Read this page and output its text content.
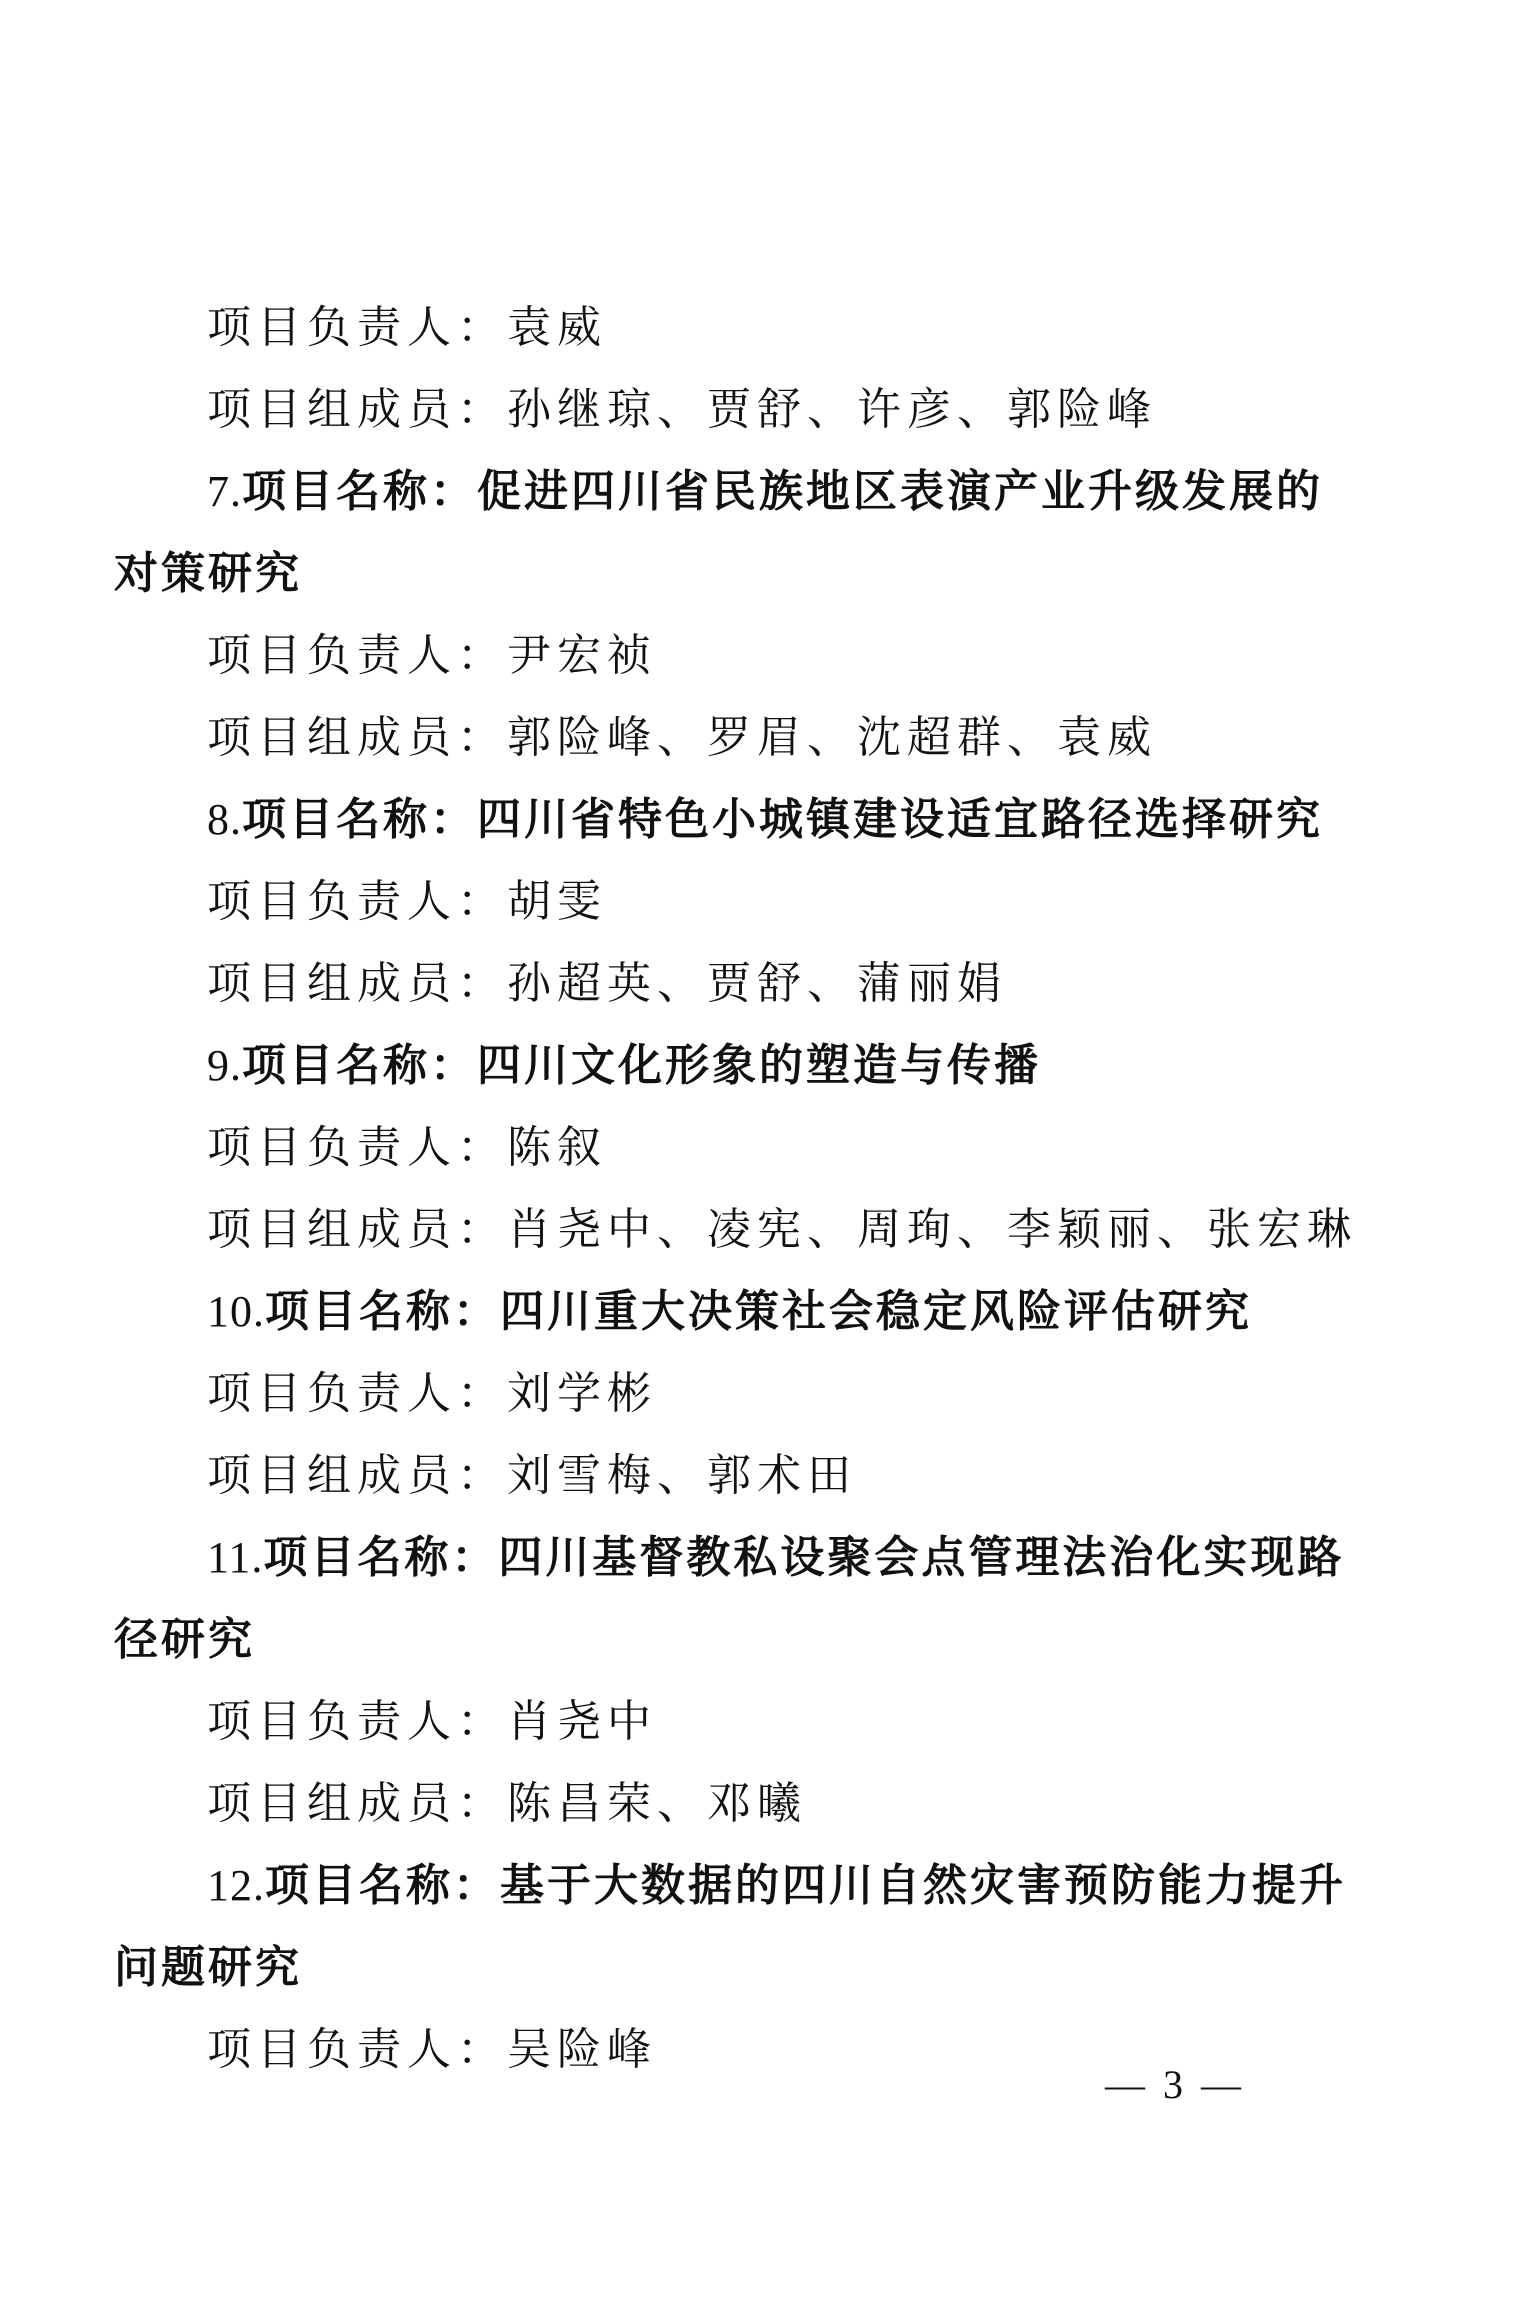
项目负责人：袁威
项目组成员：孙继琼、贾舒、许彦、郭险峰
7.项目名称：促进四川省民族地区表演产业升级发展的
对策研究
项目负责人：尹宏祯
项目组成员：郭险峰、罗眉、沈超群、袁威
8.项目名称：四川省特色小城镇建设适宜路径选择研究
项目负责人：胡雯
项目组成员：孙超英、贾舒、蒲丽娟
9.项目名称：四川文化形象的塑造与传播
项目负责人：陈叙
项目组成员：肖尧中、凌宪、周珣、李颖丽、张宏琳
10.项目名称：四川重大决策社会稳定风险评估研究
项目负责人：刘学彬
项目组成员：刘雪梅、郭术田
11.项目名称：四川基督教私设聚会点管理法治化实现路
径研究
项目负责人：肖尧中
项目组成员：陈昌荣、邓曦
12.项目名称：基于大数据的四川自然灾害预防能力提升
问题研究
项目负责人：吴险峰
— 3 —
